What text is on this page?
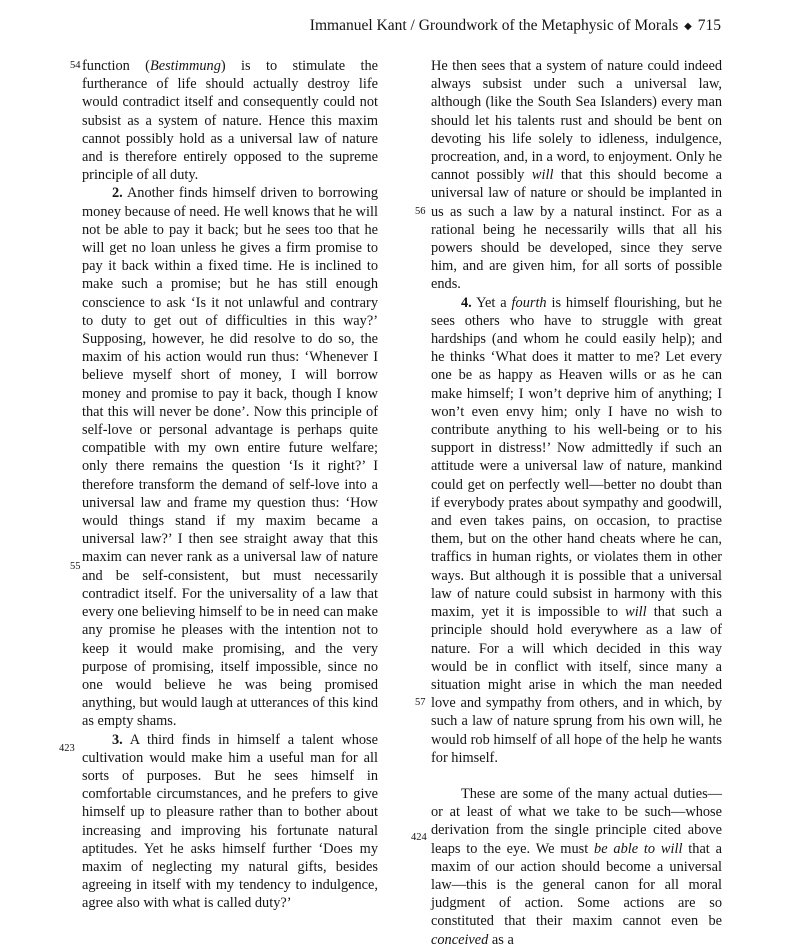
Immanuel Kant / Groundwork of the Metaphysic of Morals ◆ 715
54
55
423

function (Bestimmung) is to stimulate the furtherance of life should actually destroy life would contradict itself and consequently could not subsist as a system of nature. Hence this maxim cannot possibly hold as a universal law of nature and is therefore entirely opposed to the supreme principle of all duty.

2. Another finds himself driven to borrowing money because of need. He well knows that he will not be able to pay it back; but he sees too that he will get no loan unless he gives a firm promise to pay it back within a fixed time. He is inclined to make such a promise; but he has still enough conscience to ask ‘Is it not unlawful and contrary to duty to get out of difficulties in this way?’ Supposing, however, he did resolve to do so, the maxim of his action would run thus: ‘Whenever I believe myself short of money, I will borrow money and promise to pay it back, though I know that this will never be done’. Now this principle of self-love or personal advantage is perhaps quite compatible with my own entire future welfare; only there remains the question ‘Is it right?’ I therefore transform the demand of self-love into a universal law and frame my question thus: ‘How would things stand if my maxim became a universal law?’ I then see straight away that this maxim can never rank as a universal law of nature and be self-consistent, but must necessarily contradict itself. For the universality of a law that every one believing himself to be in need can make any promise he pleases with the intention not to keep it would make promising, and the very purpose of promising, itself impossible, since no one would believe he was being promised anything, but would laugh at utterances of this kind as empty shams.

3. A third finds in himself a talent whose cultivation would make him a useful man for all sorts of purposes. But he sees himself in comfortable circumstances, and he prefers to give himself up to pleasure rather than to bother about increasing and improving his fortunate natural aptitudes. Yet he asks himself further ‘Does my maxim of neglecting my natural gifts, besides agreeing in itself with my tendency to indulgence, agree also with what is called duty?’

56
57
424

He then sees that a system of nature could indeed always subsist under such a universal law, although (like the South Sea Islanders) every man should let his talents rust and should be bent on devoting his life solely to idleness, indulgence, procreation, and, in a word, to enjoyment. Only he cannot possibly will that this should become a universal law of nature or should be implanted in us as such a law by a natural instinct. For as a rational being he necessarily wills that all his powers should be developed, since they serve him, and are given him, for all sorts of possible ends.

4. Yet a fourth is himself flourishing, but he sees others who have to struggle with great hardships (and whom he could easily help); and he thinks ‘What does it matter to me? Let every one be as happy as Heaven wills or as he can make himself; I won’t deprive him of anything; I won’t even envy him; only I have no wish to contribute anything to his well-being or to his support in distress!’ Now admittedly if such an attitude were a universal law of nature, mankind could get on perfectly well—better no doubt than if everybody prates about sympathy and goodwill, and even takes pains, on occasion, to practise them, but on the other hand cheats where he can, traffics in human rights, or violates them in other ways. But although it is possible that a universal law of nature could subsist in harmony with this maxim, yet it is impossible to will that such a principle should hold everywhere as a law of nature. For a will which decided in this way would be in conflict with itself, since many a situation might arise in which the man needed love and sympathy from others, and in which, by such a law of nature sprung from his own will, he would rob himself of all hope of the help he wants for himself.

These are some of the many actual duties—or at least of what we take to be such—whose derivation from the single principle cited above leaps to the eye. We must be able to will that a maxim of our action should become a universal law—this is the general canon for all moral judgment of action. Some actions are so constituted that their maxim cannot even be conceived as a
